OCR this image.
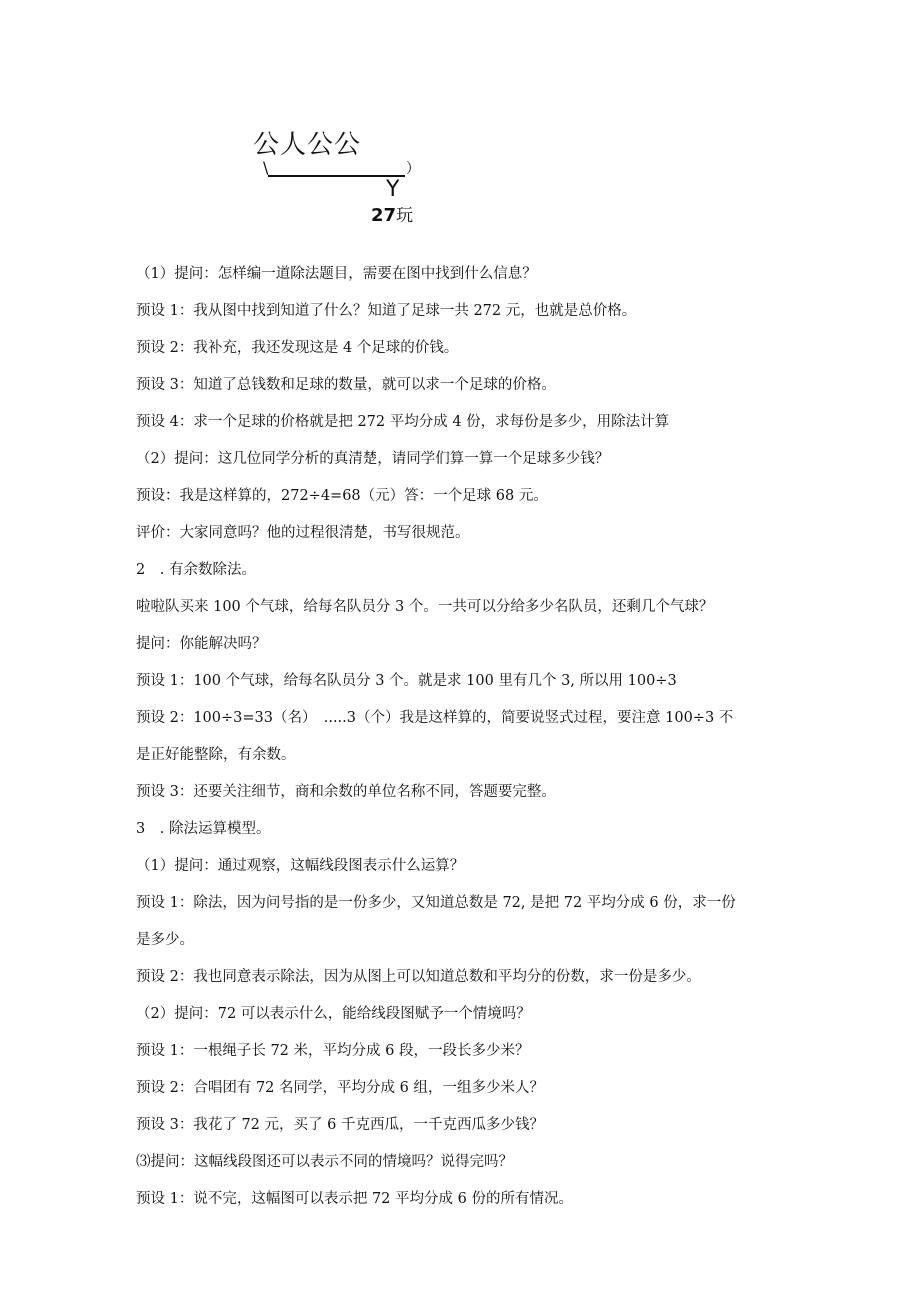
公人公公
\	）
Y
27玩
（1）提问：怎样编一道除法题目，需要在图中找到什么信息？
预设 1：我从图中找到知道了什么？知道了足球一共 272 元，也就是总价格。
预设 2：我补充，我还发现这是 4 个足球的价钱。
预设 3：知道了总钱数和足球的数量，就可以求一个足球的价格。
预设 4：求一个足球的价格就是把 272 平均分成 4 份，求每份是多少，用除法计算
（2）提问：这几位同学分析的真清楚，请同学们算一算一个足球多少钱？
预设：我是这样算的，272÷4=68（元）答：一个足球 68 元。
评价：大家同意吗？他的过程很清楚，书写很规范。
2　. 有余数除法。
啦啦队买来 100 个气球，给每名队员分 3 个。一共可以分给多少名队员，还剩几个气球？
提问：你能解决吗？
预设 1：100 个气球，给每名队员分 3 个。就是求 100 里有几个 3, 所以用 100÷3
预设 2：100÷3=33（名）　.....3（个）我是这样算的，简要说竖式过程，要注意 100÷3 不
是正好能整除，有余数。
预设 3：还要关注细节，商和余数的单位名称不同，答题要完整。
3　. 除法运算模型。
（1）提问：通过观察，这幅线段图表示什么运算？
预设 1：除法，因为问号指的是一份多少，又知道总数是 72, 是把 72 平均分成 6 份，求一份
是多少。
预设 2：我也同意表示除法，因为从图上可以知道总数和平均分的份数，求一份是多少。
（2）提问：72 可以表示什么，能给线段图赋予一个情境吗？
预设 1：一根绳子长 72 米，平均分成 6 段，一段长多少米？
预设 2：合唱团有 72 名同学，平均分成 6 组，一组多少米人？
预设 3：我花了 72 元，买了 6 千克西瓜，一千克西瓜多少钱？
⑶提问：这幅线段图还可以表示不同的情境吗？说得完吗？
预设 1：说不完，这幅图可以表示把 72 平均分成 6 份的所有情况。
